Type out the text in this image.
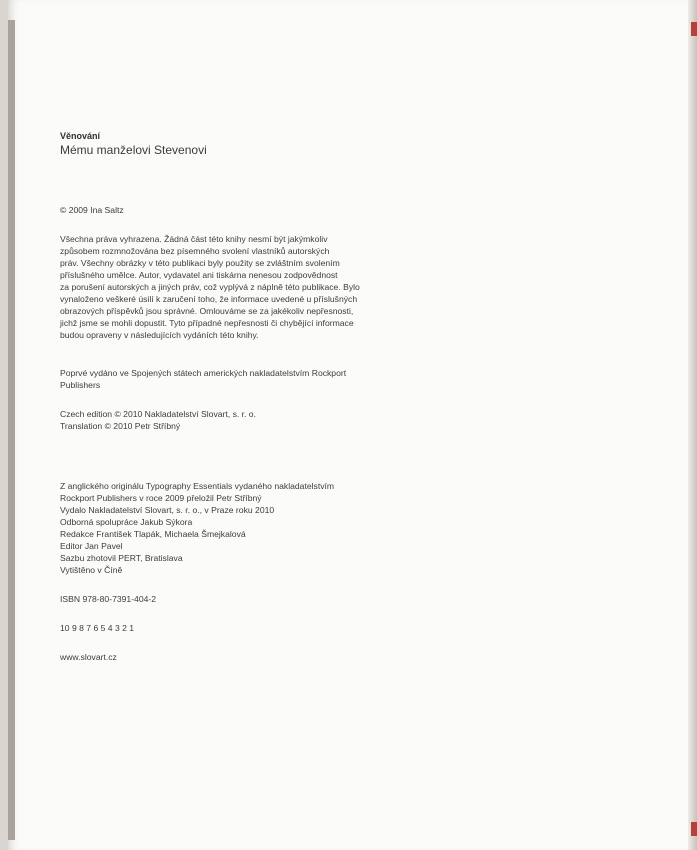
Věnování
Mému manželovi Stevenovi
© 2009 Ina Saltz
Všechna práva vyhrazena. Žádná část této knihy nesmí být jakýmkoliv
způsobem rozmnožována bez písemného svolení vlastníků autorských
práv. Všechny obrázky v této publikaci byly použity se zvláštním svolením
příslušného umělce. Autor, vydavatel ani tiskárna nenesou zodpovědnost
za porušení autorských a jiných práv, což vyplývá z náplně této publikace. Bylo
vynaloženo veškeré úsilí k zaručení toho, že informace uvedené u příslušných
obrazových příspěvků jsou správné. Omlouváme se za jakékoliv nepřesnosti,
jichž jsme se mohli dopustit. Tyto případné nepřesnosti či chybějící informace
budou opraveny v následujících vydáních této knihy.
Poprvé vydáno ve Spojených státech amerických nakladatelstvím Rockport
Publishers
Czech edition © 2010 Nakladatelství Slovart, s. r. o.
Translation © 2010 Petr Stříbný
Z anglického originálu Typography Essentials vydaného nakladatelstvím
Rockport Publishers v roce 2009 přeložil Petr Stříbný
Vydalo Nakladatelství Slovart, s. r. o., v Praze roku 2010
Odborná spolupráce Jakub Sýkora
Redakce František Tlapák, Michaela Šmejkalová
Editor Jan Pavel
Sazbu zhotovil PERT, Bratislava
Vytištěno v Číně
ISBN 978-80-7391-404-2
10 9 8 7 6 5 4 3 2 1
www.slovart.cz
